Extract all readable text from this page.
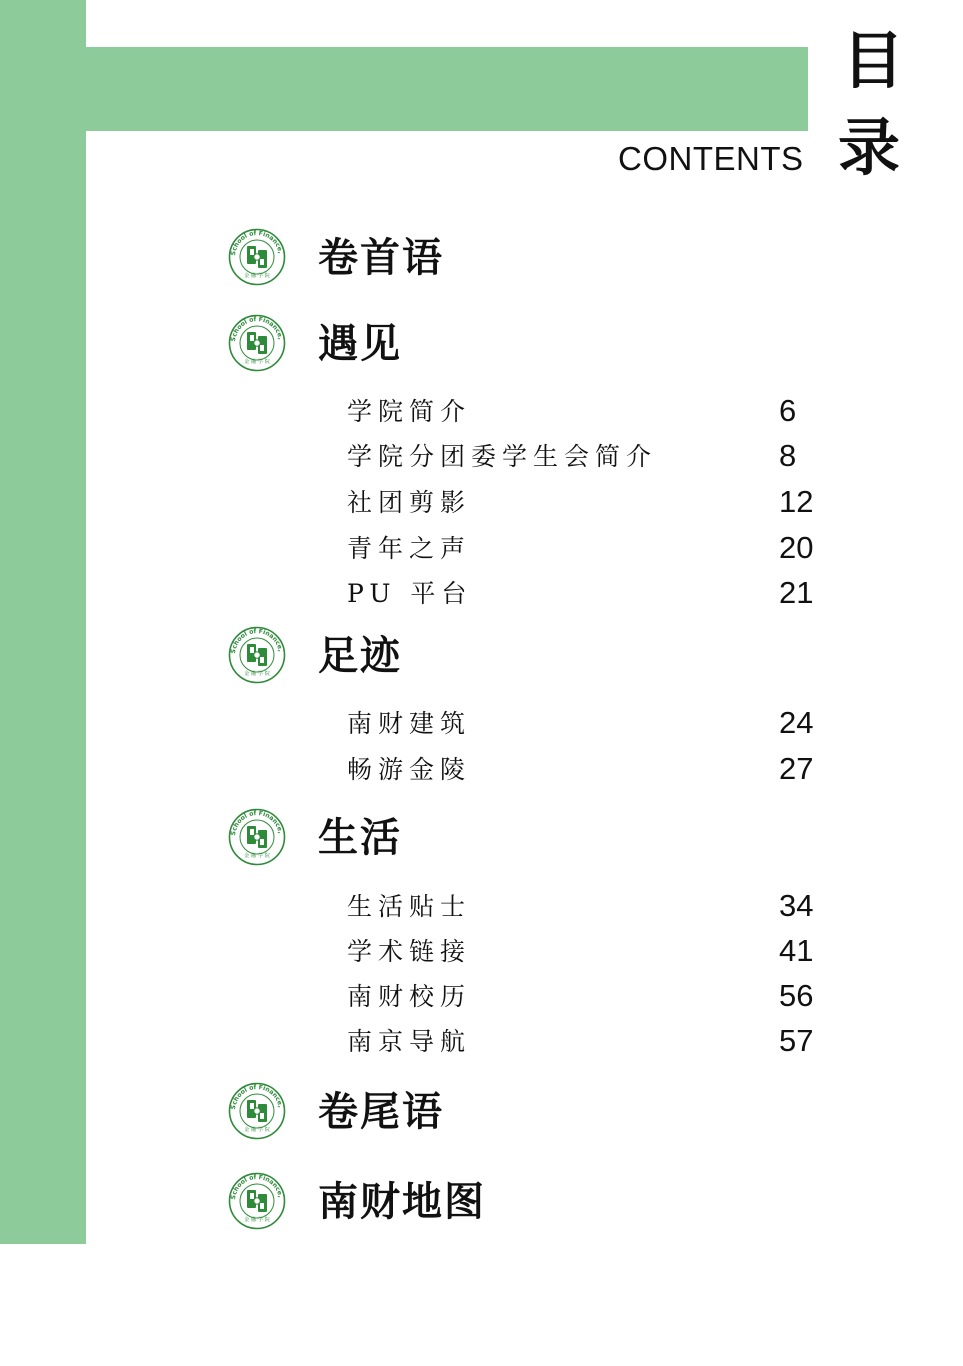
目
录
CONTENTS
School of Finance,
金 融 学 院 卷首语
School of Finance,
金 融 学 院 遇见
学院简介	6
学院分团委学生会简介	8
社团剪影	12
青年之声	20
PU 平台	21
School of Finance,
金 融 学 院 足迹
南财建筑	24
畅游金陵	27
School of Finance,
金 融 学 院 生活
生活贴士	34
学术链接	41
南财校历	56
南京导航	57
School of Finance,
金 融 学 院 卷尾语
School of Finance,
金 融 学 院 南财地图
